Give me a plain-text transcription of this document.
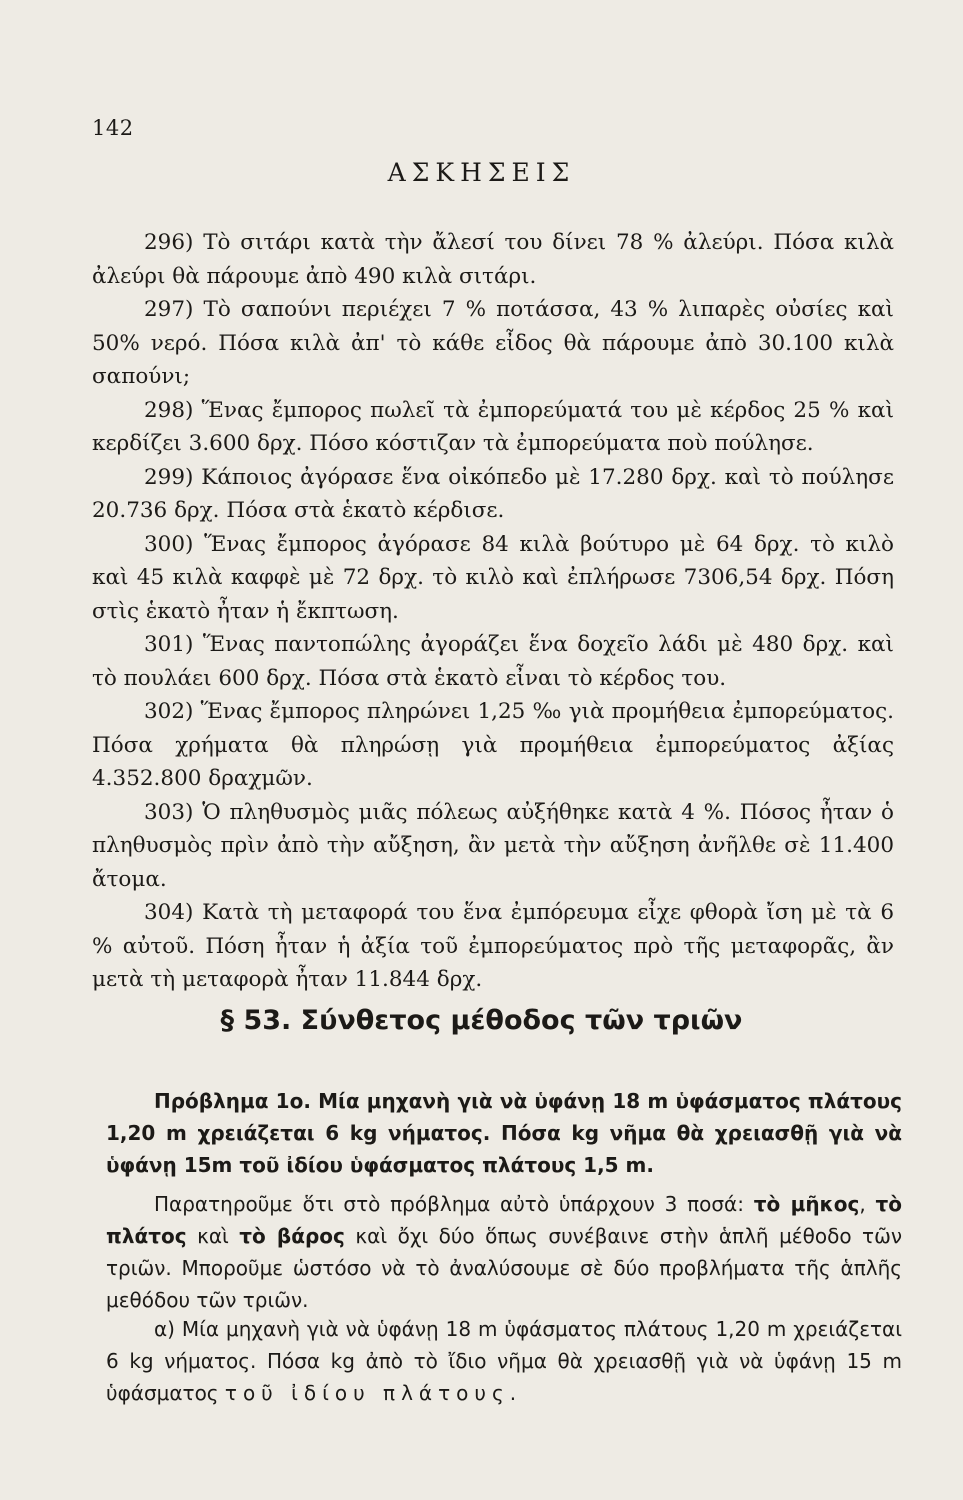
142
ΑΣΚΗΣΕΙΣ

296) Τὸ σιτάρι κατὰ τὴν ἄλεσί του δίνει 78 % ἀλεύρι. Πόσα κιλὰ ἀλεύρι θὰ πάρουμε ἀπὸ 490 κιλὰ σιτάρι.

297) Τὸ σαπούνι περιέχει 7 % ποτάσσα, 43 % λιπαρὲς οὐσίες καὶ 50% νερό. Πόσα κιλὰ ἀπ' τὸ κάθε εἶδος θὰ πάρουμε ἀπὸ 30.100 κιλὰ σαπούνι;

298) Ἕνας ἔμπορος πωλεῖ τὰ ἐμπορεύματά του μὲ κέρδος 25 % καὶ κερδίζει 3.600 δρχ. Πόσο κόστιζαν τὰ ἐμπορεύματα ποὺ πούλησε.

299) Κάποιος ἀγόρασε ἕνα οἰκόπεδο μὲ 17.280 δρχ. καὶ τὸ πούλησε 20.736 δρχ. Πόσα στὰ ἑκατὸ κέρδισε.

300) Ἕνας ἔμπορος ἀγόρασε 84 κιλὰ βούτυρο μὲ 64 δρχ. τὸ κιλὸ καὶ 45 κιλὰ καφφὲ μὲ 72 δρχ. τὸ κιλὸ καὶ ἐπλήρωσε 7306,54 δρχ. Πόση στὶς ἑκατὸ ἦταν ἡ ἔκπτωση.

301) Ἕνας παντοπώλης ἀγοράζει ἕνα δοχεῖο λάδι μὲ 480 δρχ. καὶ τὸ πουλάει 600 δρχ. Πόσα στὰ ἑκατὸ εἶναι τὸ κέρδος του.

302) Ἕνας ἔμπορος πληρώνει 1,25 ‰ γιὰ προμήθεια ἐμπορεύματος. Πόσα χρήματα θὰ πληρώσῃ γιὰ προμήθεια ἐμπορεύματος ἀξίας 4.352.800 δραχμῶν.

303) Ὁ πληθυσμὸς μιᾶς πόλεως αὐξήθηκε κατὰ 4 %. Πόσος ἦταν ὁ πληθυσμὸς πρὶν ἀπὸ τὴν αὔξηση, ἂν μετὰ τὴν αὔξηση ἀνῆλθε σὲ 11.400 ἄτομα.

304) Κατὰ τὴ μεταφορά του ἕνα ἐμπόρευμα εἶχε φθορὰ ἴση μὲ τὰ 6 % αὐτοῦ. Πόση ἦταν ἡ ἀξία τοῦ ἐμπορεύματος πρὸ τῆς μεταφορᾶς, ἂν μετὰ τὴ μεταφορὰ ἦταν 11.844 δρχ.

§ 53. Σύνθετος μέθοδος τῶν τριῶν

Πρόβλημα 1ο. Μία μηχανὴ γιὰ νὰ ὑφάνῃ 18 m ὑφάσματος πλάτους 1,20 m χρειάζεται 6 kg νήματος. Πόσα kg νῆμα θὰ χρειασθῇ γιὰ νὰ ὑφάνῃ 15m τοῦ ἰδίου ὑφάσματος πλάτους 1,5 m.

Παρατηροῦμε ὅτι στὸ πρόβλημα αὐτὸ ὑπάρχουν 3 ποσά: τὸ μῆκος, τὸ πλάτος καὶ τὸ βάρος καὶ ὄχι δύο ὅπως συνέβαινε στὴν ἁπλῆ μέθοδο τῶν τριῶν. Μποροῦμε ὡστόσο νὰ τὸ ἀναλύσουμε σὲ δύο προβλήματα τῆς ἁπλῆς μεθόδου τῶν τριῶν.

α) Μία μηχανὴ γιὰ νὰ ὑφάνῃ 18 m ὑφάσματος πλάτους 1,20 m χρειάζεται 6 kg νήματος. Πόσα kg ἀπὸ τὸ ἴδιο νῆμα θὰ χρειασθῇ γιὰ νὰ ὑφάνῃ 15 m ὑφάσματος τοῦ ἰδίου πλάτους.
